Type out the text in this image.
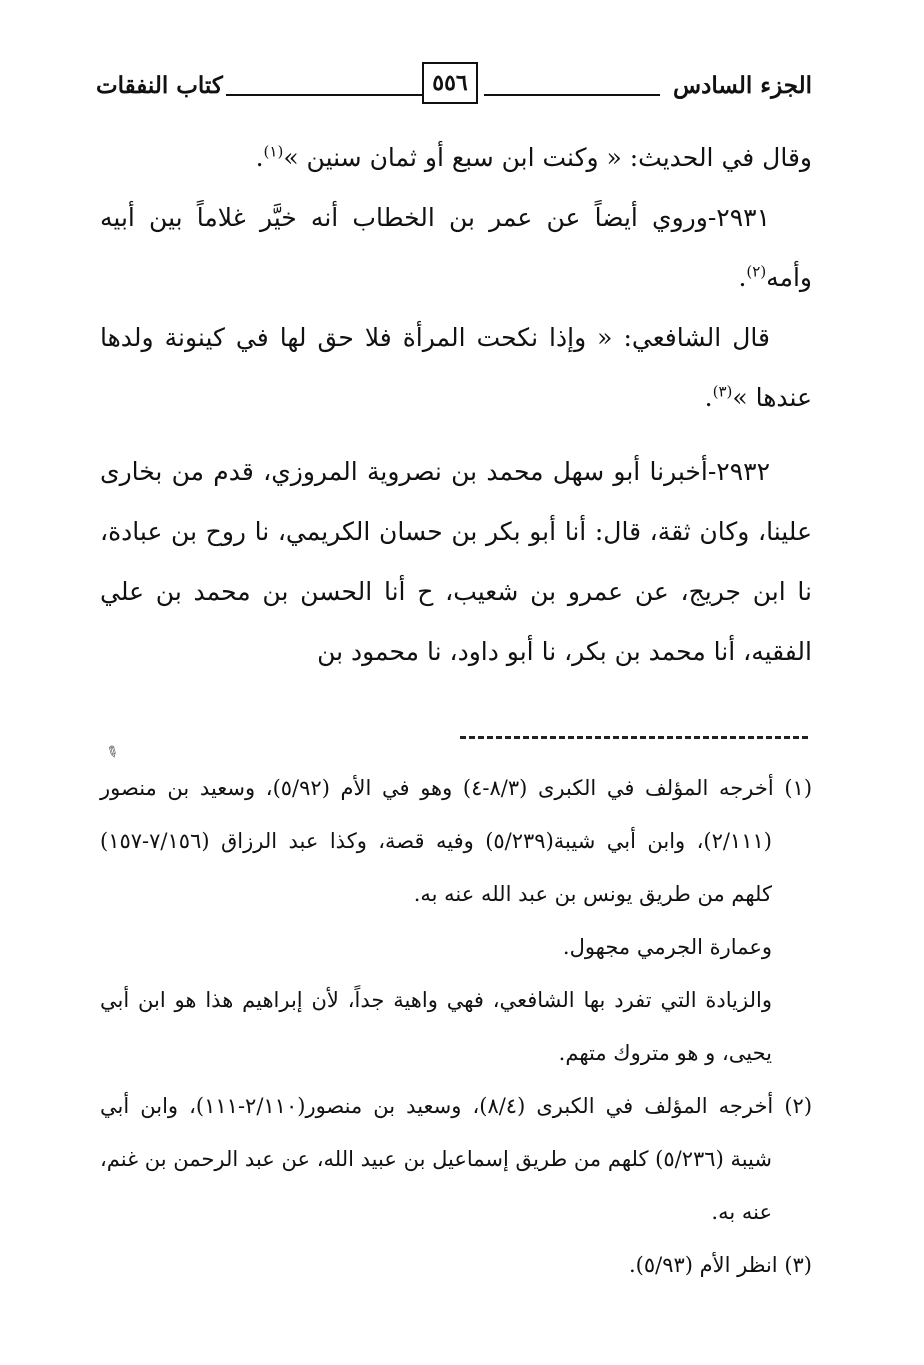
الجزء السادس
٥٥٦
كتاب النفقات

وقال في الحديث: « وكنت ابن سبع أو ثمان سنين »$^{(١)}$.

٢٩٣١-وروي أيضاً عن عمر بن الخطاب أنه خيَّر غلاماً بين أبيه وأمه$^{(٢)}$.

قال الشافعي: « وإذا نكحت المرأة فلا حق لها في كينونة ولدها عندها »$^{(٣)}$.

٢٩٣٢-أخبرنا أبو سهل محمد بن نصروية المروزي، قدم من بخارى علينا، وكان ثقة، قال: أنا أبو بكر بن حسان الكريمي، نا روح بن عبادة، نا ابن جريج، عن عمرو بن شعيب، ح أنا الحسن بن محمد بن علي الفقيه، أنا محمد بن بكر، نا أبو داود، نا محمود بن

✎

(١) أخرجه المؤلف في الكبرى (٨/٣-٤) وهو في الأم (٥/٩٢)، وسعيد بن منصور (٢/١١١)، وابن أبي شيبة(٥/٢٣٩) وفيه قصة، وكذا عبد الرزاق (٧/١٥٦-١٥٧) كلهم من طريق يونس بن عبد الله عنه به.

وعمارة الجرمي مجهول.

والزيادة التي تفرد بها الشافعي، فهي واهية جداً، لأن إبراهيم هذا هو ابن أبي يحيى، و هو متروك متهم.

(٢) أخرجه المؤلف في الكبرى (٨/٤)، وسعيد بن منصور(٢/١١٠-١١١)، وابن أبي شيبة (٥/٢٣٦) كلهم من طريق إسماعيل بن عبيد الله، عن عبد الرحمن بن غنم، عنه به.

(٣) انظر الأم (٥/٩٣).
